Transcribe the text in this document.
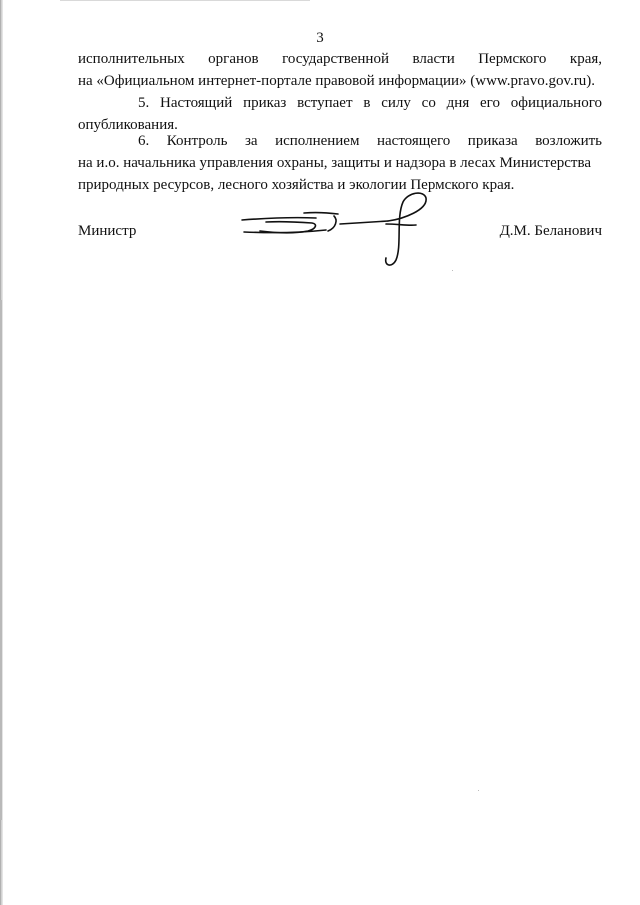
3
исполнительных органов государственной власти Пермского края,
на «Официальном интернет-портале правовой информации» (www.pravo.gov.ru).
5. Настоящий приказ вступает в силу со дня его официального
опубликования.
6. Контроль за исполнением настоящего приказа возложить
на и.о. начальника управления охраны, защиты и надзора в лесах Министерства
природных ресурсов, лесного хозяйства и экологии Пермского края.
Министр	Д.М. Беланович
